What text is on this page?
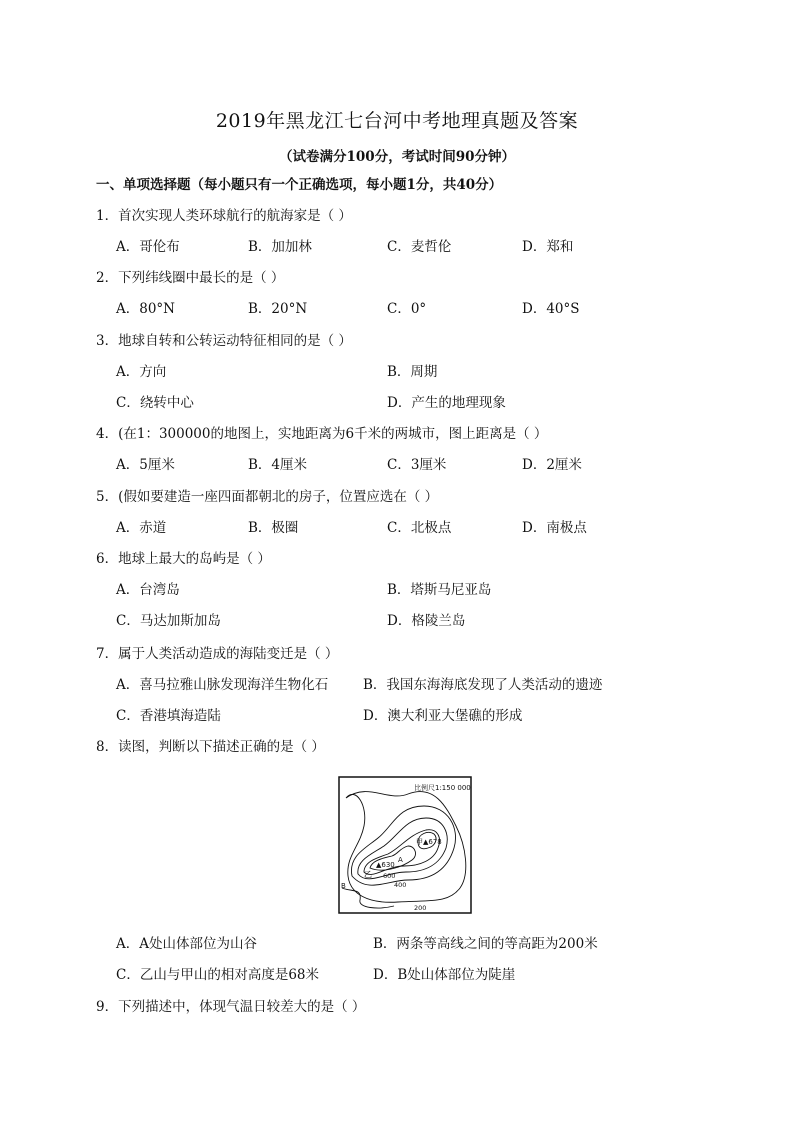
2019年黑龙江七台河中考地理真题及答案
（试卷满分100分，考试时间90分钟）
一、单项选择题（每小题只有一个正确选项，每小题1分，共40分）
1．首次实现人类环球航行的航海家是（ ）
A．哥伦布	B．加加林	C．麦哲伦	D．郑和
2．下列纬线圈中最长的是（ ）
A．80°N	B．20°N	C．0°	D．40°S
3．地球自转和公转运动特征相同的是（ ）
A．方向	B．周期
C．绕转中心	D．产生的地理现象
4．(在1：300000的地图上，实地距离为6千米的两城市，图上距离是（ ）
A．5厘米	B．4厘米	C．3厘米	D．2厘米
5．(假如要建造一座四面都朝北的房子，位置应选在（ ）
A．赤道	B．极圈	C．北极点	D．南极点
6．地球上最大的岛屿是（ ）
A．台湾岛	B．塔斯马尼亚岛
C．马达加斯加岛	D．格陵兰岛
7．属于人类活动造成的海陆变迁是（ ）
A．喜马拉雅山脉发现海洋生物化石	B．我国东海海底发现了人类活动的遗迹
C．香港填海造陆	D．澳大利亚大堡礁的形成
8．读图，判断以下描述正确的是（ ）
比例尺1:150 000
▲630
乙
A
甲▲678
600
400
200
B
A．A处山体部位为山谷	B．两条等高线之间的等高距为200米
C．乙山与甲山的相对高度是68米	D．B处山体部位为陡崖
9．下列描述中，体现气温日较差大的是（ ）
